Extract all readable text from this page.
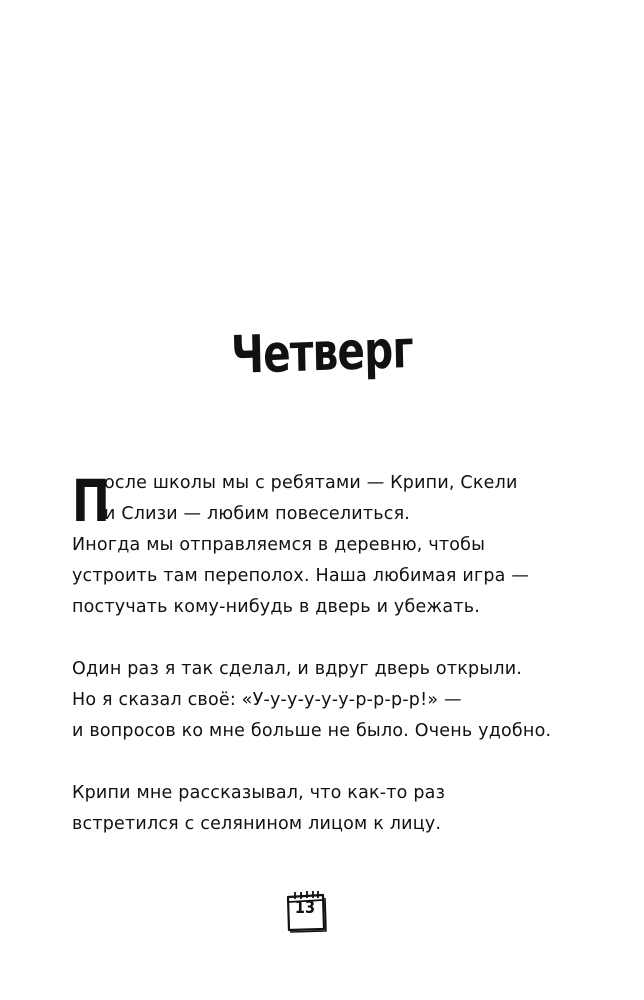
Четверг
П
осле школы мы с ребятами — Крипи, Скели
и Слизи — любим повеселиться.
Иногда мы отправляемся в деревню, чтобы
устроить там переполох. Наша любимая игра —
постучать кому-нибудь в дверь и убежать.
Один раз я так сделал, и вдруг дверь открыли.
Но я сказал своё: «У-у-у-у-у-у-р-р-р-р!» —
и вопросов ко мне больше не было. Очень удобно.
Крипи мне рассказывал, что как-то раз
встретился с селянином лицом к лицу.
13
